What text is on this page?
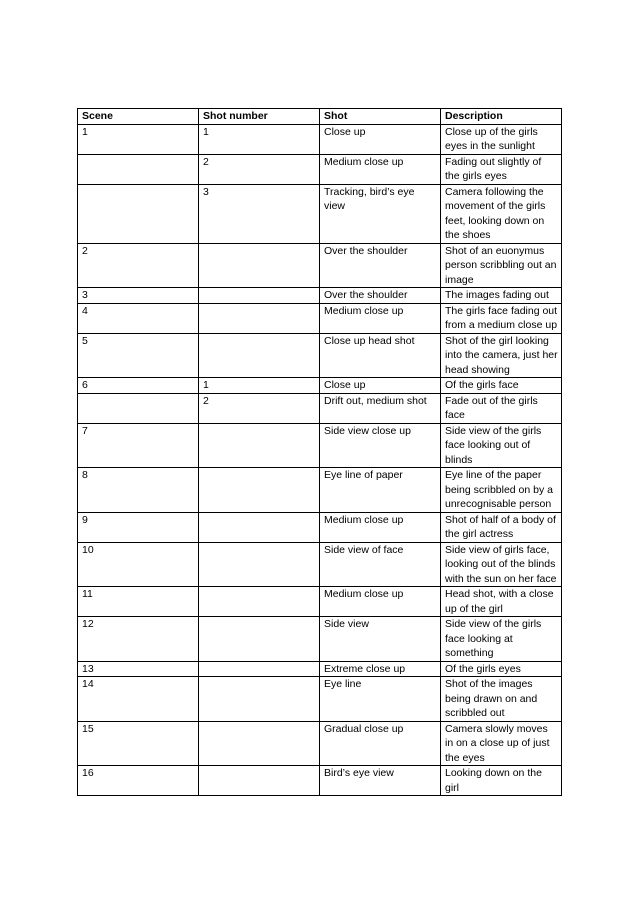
Scene	Shot number	Shot	Description
1	1	Close up	Close up of the girls eyes in the sunlight
	2	Medium close up	Fading out slightly of the girls eyes
	3	Tracking, bird’s eye view	Camera following the movement of the girls feet, looking down on the shoes
2		Over the shoulder	Shot of an euonymus person scribbling out an image
3		Over the shoulder	The images fading out
4		Medium close up	The girls face fading out from a medium close up
5		Close up head shot	Shot of the girl looking into the camera, just her head showing
6	1	Close up	Of the girls face
	2	Drift out, medium shot	Fade out of the girls face
7		Side view close up	Side view of the girls face looking out of blinds
8		Eye line of paper	Eye line of the paper being scribbled on by a unrecognisable person
9		Medium close up	Shot of half of a body of the girl actress
10		Side view of face	Side view of girls face, looking out of the blinds with the sun on her face
11		Medium close up	Head shot, with a close up of the girl
12		Side view	Side view of the girls face looking at something
13		Extreme close up	Of the girls eyes
14		Eye line	Shot of the images being drawn on and scribbled out
15		Gradual close up	Camera slowly moves in on a close up of just the eyes
16		Bird’s eye view	Looking down on the girl
